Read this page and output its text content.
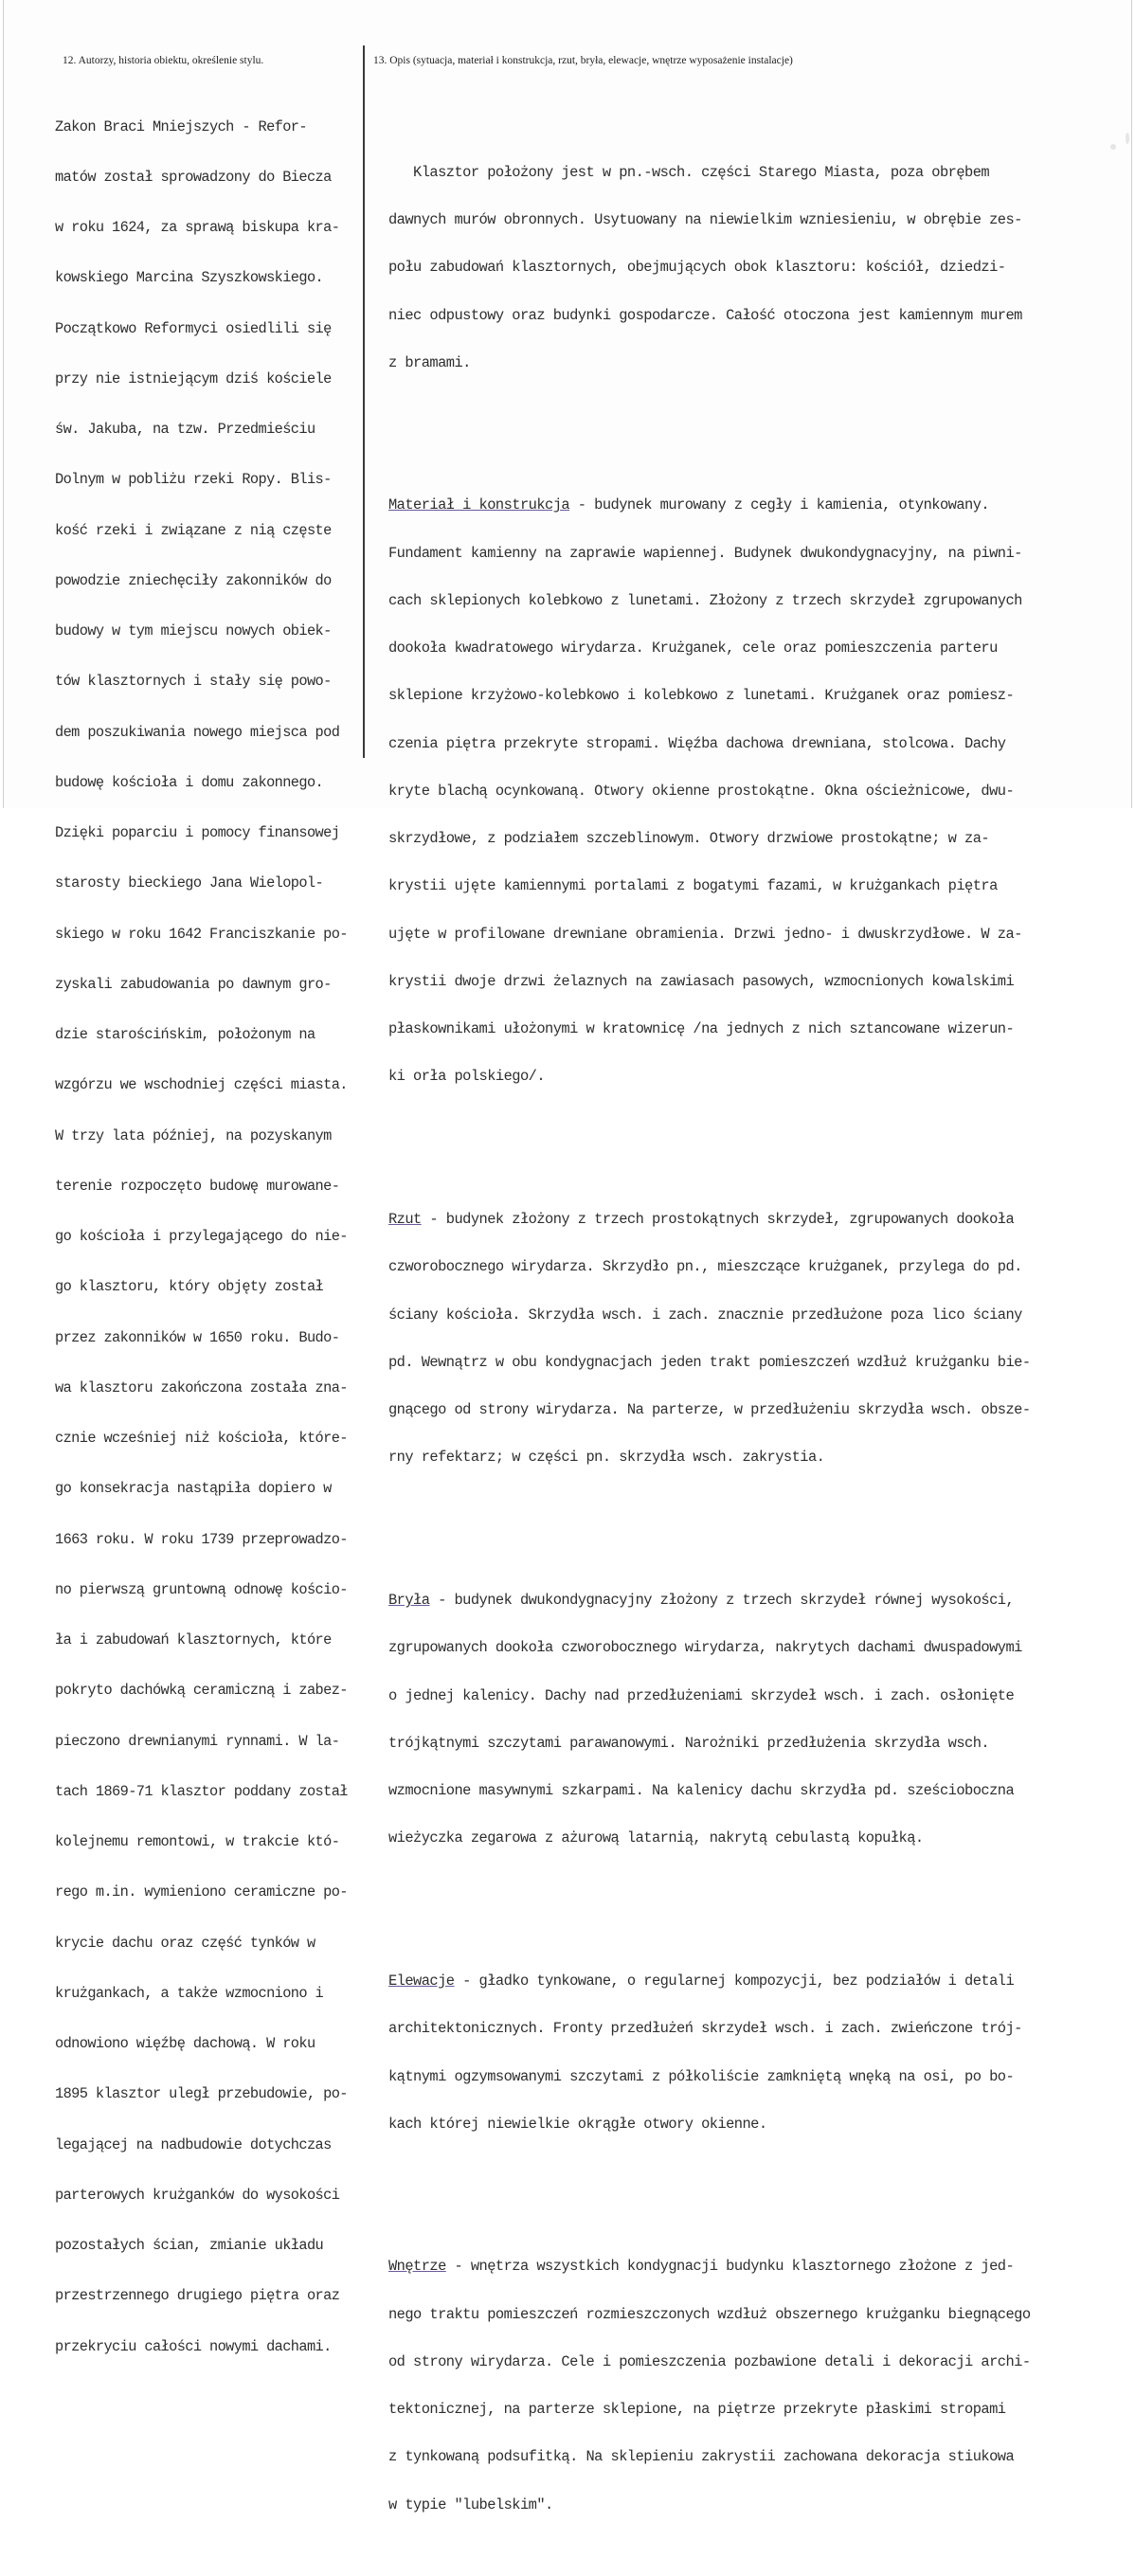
12. Autorzy, historia obiektu, określenie stylu.	13. Opis (sytuacja, materiał i konstrukcja, rzut, bryła, elewacje, wnętrze wyposażenie instalacje)

Zakon Braci Mniejszych - Refor-

matów został sprowadzony do Biecza

w roku 1624, za sprawą biskupa kra-

kowskiego Marcina Szyszkowskiego.

Początkowo Reformyci osiedlili się

przy nie istniejącym dziś kościele

św. Jakuba, na tzw. Przedmieściu

Dolnym w pobliżu rzeki Ropy. Blis-

kość rzeki i związane z nią częste

powodzie zniechęciły zakonników do

budowy w tym miejscu nowych obiek-

tów klasztornych i stały się powo-

dem poszukiwania nowego miejsca pod

budowę kościoła i domu zakonnego.

Dzięki poparciu i pomocy finansowej

starosty bieckiego Jana Wielopol-

skiego w roku 1642 Franciszkanie po-

zyskali zabudowania po dawnym gro-

dzie starościńskim, położonym na

wzgórzu we wschodniej części miasta.

W trzy lata później, na pozyskanym

terenie rozpoczęto budowę murowane-

go kościoła i przylegającego do nie-

go klasztoru, który objęty został

przez zakonników w 1650 roku. Budo-

wa klasztoru zakończona została zna-

cznie wcześniej niż kościoła, które-

go konsekracja nastąpiła dopiero w

1663 roku. W roku 1739 przeprowadzo-

no pierwszą gruntowną odnowę kościo-

ła i zabudowań klasztornych, które

pokryto dachówką ceramiczną i zabez-

pieczono drewnianymi rynnami. W la-

tach 1869-71 klasztor poddany został

kolejnemu remontowi, w trakcie któ-

rego m.in. wymieniono ceramiczne po-

krycie dachu oraz część tynków w

krużgankach, a także wzmocniono i

odnowiono więźbę dachową. W roku

1895 klasztor uległ przebudowie, po-

legającej na nadbudowie dotychczas

parterowych krużganków do wysokości

pozostałych ścian, zmianie układu

przestrzennego drugiego piętra oraz

przekryciu całości nowymi dachami.

Klasztor położony jest w pn.-wsch. części Starego Miasta, poza obrębem

dawnych murów obronnych. Usytuowany na niewielkim wzniesieniu, w obrębie zes-

połu zabudowań klasztornych, obejmujących obok klasztoru: kościół, dziedzi-

niec odpustowy oraz budynki gospodarcze. Całość otoczona jest kamiennym murem

z bramami.

Materiał i konstrukcja - budynek murowany z cegły i kamienia, otynkowany.

Fundament kamienny na zaprawie wapiennej. Budynek dwukondygnacyjny, na piwni-

cach sklepionych kolebkowo z lunetami. Złożony z trzech skrzydeł zgrupowanych

dookoła kwadratowego wirydarza. Krużganek, cele oraz pomieszczenia parteru

sklepione krzyżowo-kolebkowo i kolebkowo z lunetami. Krużganek oraz pomiesz-

czenia piętra przekryte stropami. Więźba dachowa drewniana, stolcowa. Dachy

kryte blachą ocynkowaną. Otwory okienne prostokątne. Okna ościeżnicowe, dwu-

skrzydłowe, z podziałem szczeblinowym. Otwory drzwiowe prostokątne; w za-

krystii ujęte kamiennymi portalami z bogatymi fazami, w krużgankach piętra

ujęte w profilowane drewniane obramienia. Drzwi jedno- i dwuskrzydłowe. W za-

krystii dwoje drzwi żelaznych na zawiasach pasowych, wzmocnionych kowalskimi

płaskownikami ułożonymi w kratownicę /na jednych z nich sztancowane wizerun-

ki orła polskiego/.

Rzut - budynek złożony z trzech prostokątnych skrzydeł, zgrupowanych dookoła

czworobocznego wirydarza. Skrzydło pn., mieszczące krużganek, przylega do pd.

ściany kościoła. Skrzydła wsch. i zach. znacznie przedłużone poza lico ściany

pd. Wewnątrz w obu kondygnacjach jeden trakt pomieszczeń wzdłuż krużganku bie-

gnącego od strony wirydarza. Na parterze, w przedłużeniu skrzydła wsch. obsze-

rny refektarz; w części pn. skrzydła wsch. zakrystia.

Bryła - budynek dwukondygnacyjny złożony z trzech skrzydeł równej wysokości,

zgrupowanych dookoła czworobocznego wirydarza, nakrytych dachami dwuspadowymi

o jednej kalenicy. Dachy nad przedłużeniami skrzydeł wsch. i zach. osłonięte

trójkątnymi szczytami parawanowymi. Narożniki przedłużenia skrzydła wsch.

wzmocnione masywnymi szkarpami. Na kalenicy dachu skrzydła pd. sześcioboczna

wieżyczka zegarowa z ażurową latarnią, nakrytą cebulastą kopułką.

Elewacje - gładko tynkowane, o regularnej kompozycji, bez podziałów i detali

architektonicznych. Fronty przedłużeń skrzydeł wsch. i zach. zwieńczone trój-

kątnymi ogzymsowanymi szczytami z półkoliście zamkniętą wnęką na osi, po bo-

kach której niewielkie okrągłe otwory okienne.

Wnętrze - wnętrza wszystkich kondygnacji budynku klasztornego złożone z jed-

nego traktu pomieszczeń rozmieszczonych wzdłuż obszernego krużganku biegnącego

od strony wirydarza. Cele i pomieszczenia pozbawione detali i dekoracji archi-

tektonicznej, na parterze sklepione, na piętrze przekryte płaskimi stropami

z tynkowaną podsufitką. Na sklepieniu zakrystii zachowana dekoracja stiukowa

w typie "lubelskim".
